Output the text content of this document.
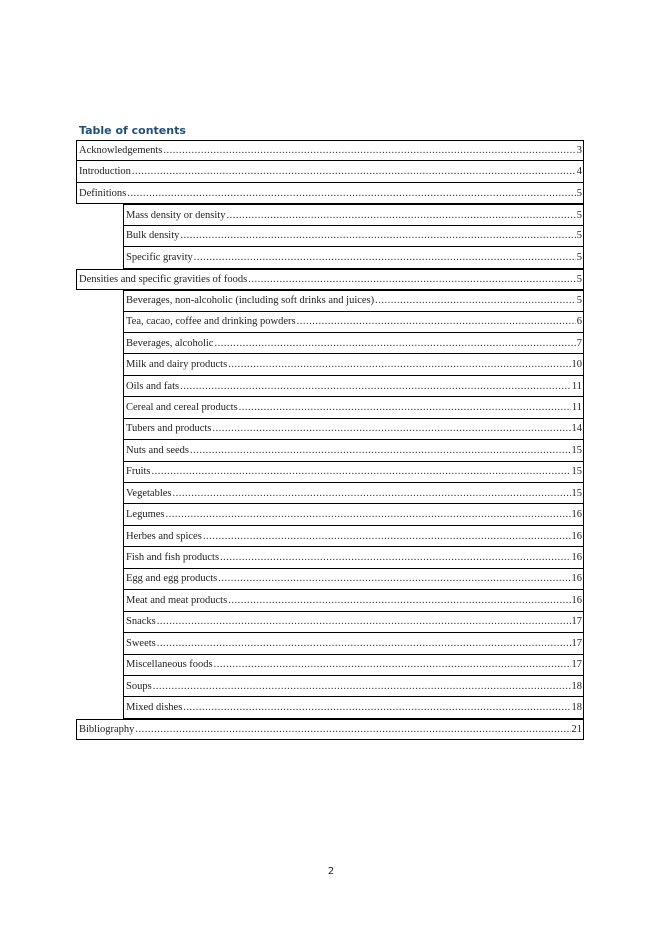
Table of contents
Acknowledgements .....	3
Introduction .....	4
Definitions .....	5
Mass density or density .....	5
Bulk density .....	5
Specific gravity .....	5
Densities and specific gravities of foods .....	5
Beverages, non-alcoholic (including soft drinks and juices) .....	5
Tea, cacao, coffee and drinking powders .....	6
Beverages, alcoholic .....	7
Milk and dairy products .....	10
Oils and fats .....	11
Cereal and cereal products .....	11
Tubers and products .....	14
Nuts and seeds .....	15
Fruits .....	15
Vegetables .....	15
Legumes .....	16
Herbes and spices .....	16
Fish and fish products .....	16
Egg and egg products .....	16
Meat and meat products .....	16
Snacks .....	17
Sweets .....	17
Miscellaneous foods .....	17
Soups .....	18
Mixed dishes .....	18
Bibliography .....	21
2
